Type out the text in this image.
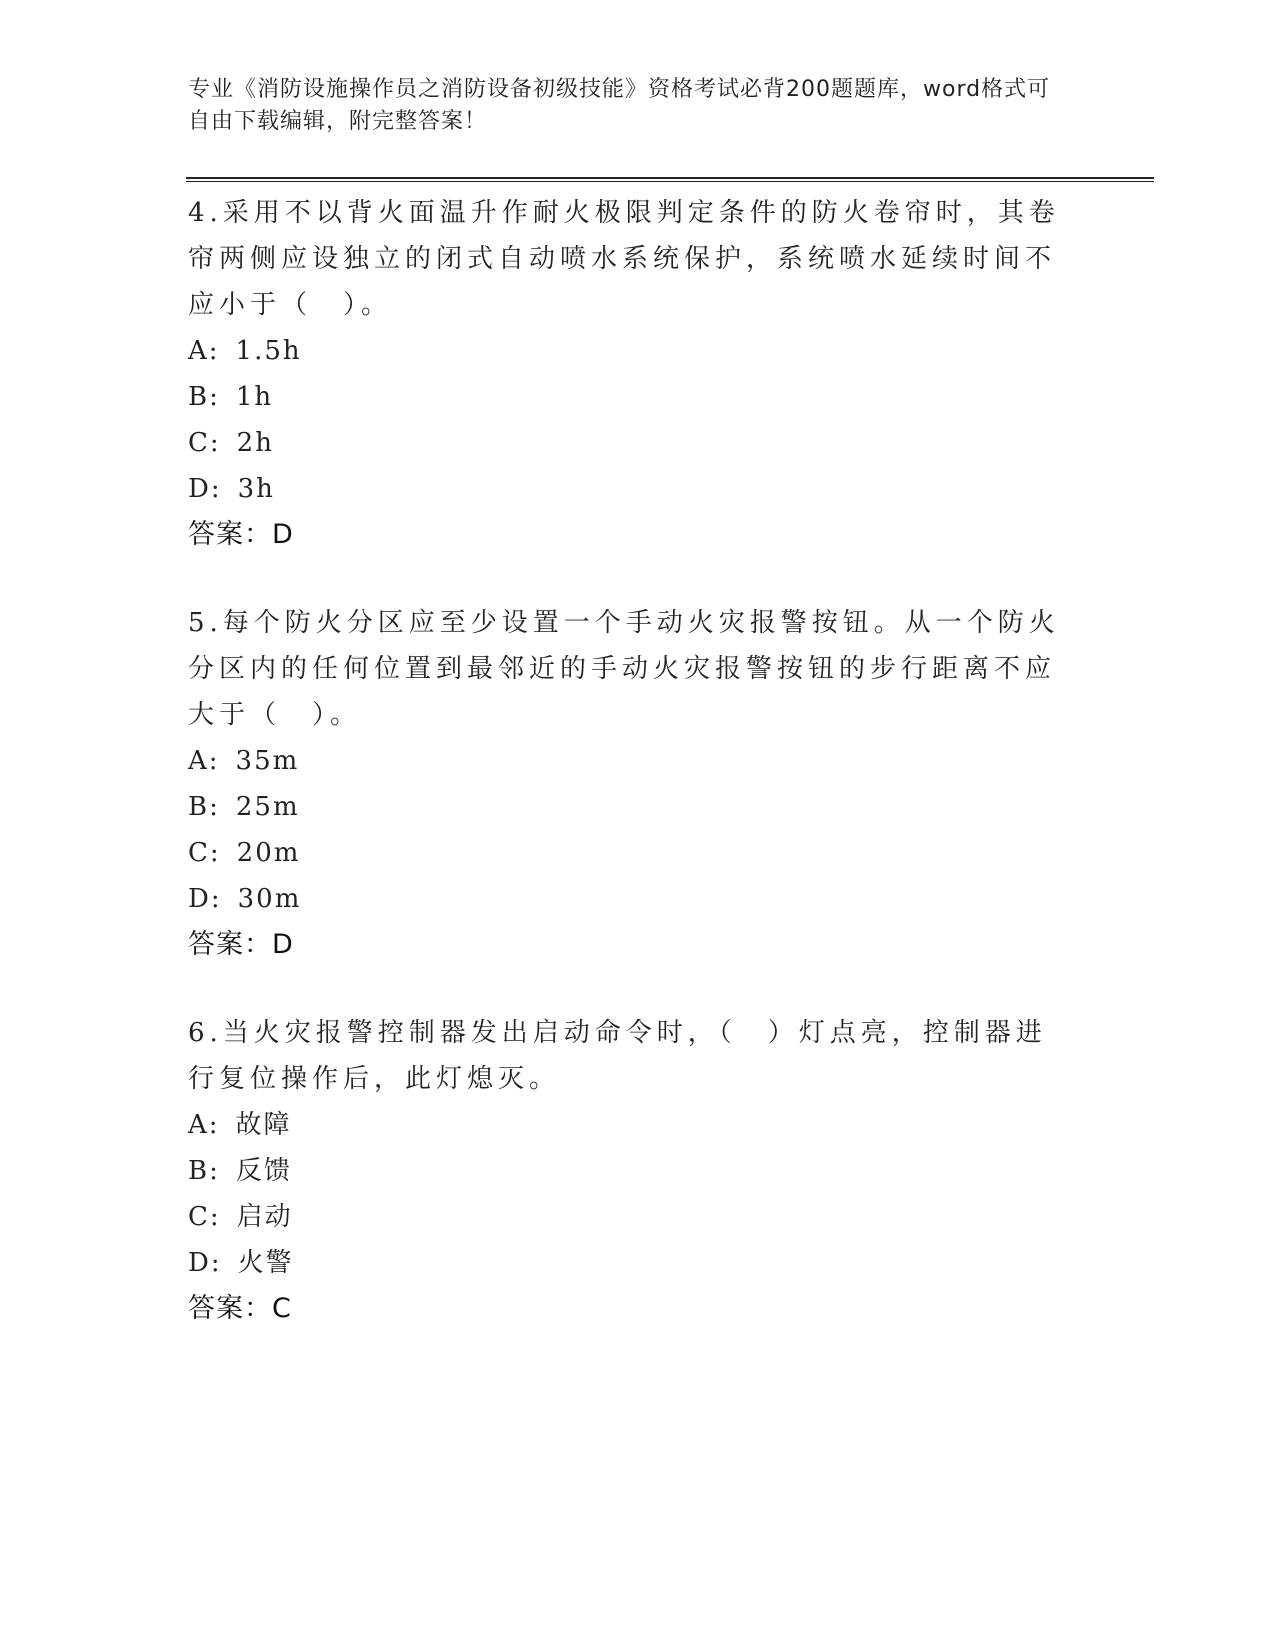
专业《消防设施操作员之消防设备初级技能》资格考试必背200题题库，word格式可自由下载编辑，附完整答案！

4.采用不以背火面温升作耐火极限判定条件的防火卷帘时，其卷帘两侧应设独立的闭式自动喷水系统保护，系统喷水延续时间不应小于（　）。

A: 1.5h

B: 1h

C: 2h

D: 3h

答案：D

5.每个防火分区应至少设置一个手动火灾报警按钮。从一个防火分区内的任何位置到最邻近的手动火灾报警按钮的步行距离不应大于（　）。

A: 35m

B: 25m

C: 20m

D: 30m

答案：D

6.当火灾报警控制器发出启动命令时，（　）灯点亮，控制器进行复位操作后，此灯熄灭。

A: 故障

B: 反馈

C: 启动

D: 火警

答案：C
